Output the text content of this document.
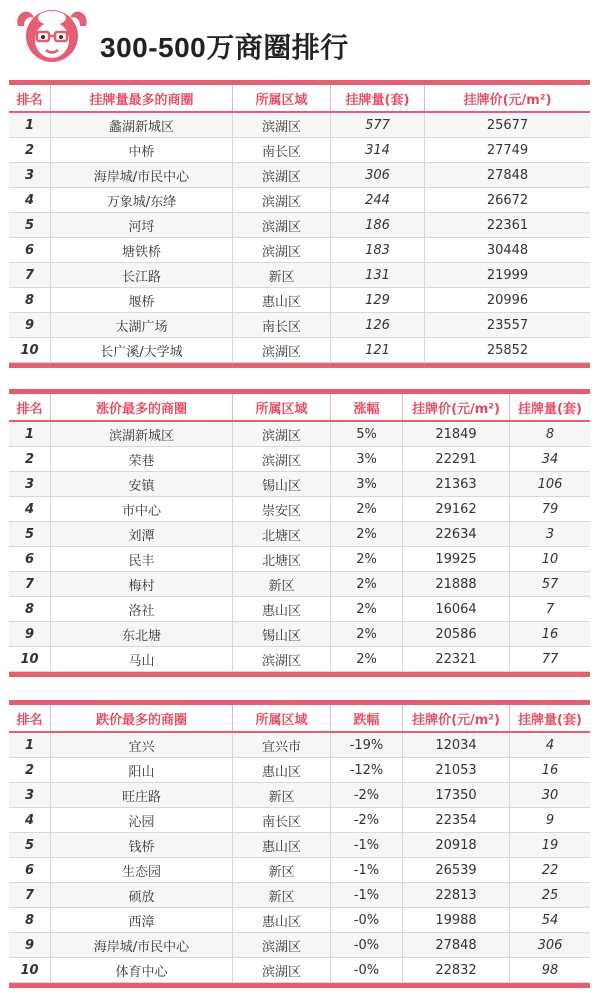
300-500万商圈排行
排名	挂牌量最多的商圈	所属区域	挂牌量(套)	挂牌价(元/m²)
1	蠡湖新城区	滨湖区	577	25677
2	中桥	南长区	314	27749
3	海岸城/市民中心	滨湖区	306	27848
4	万象城/东绛	滨湖区	244	26672
5	河埒	滨湖区	186	22361
6	塘铁桥	滨湖区	183	30448
7	长江路	新区	131	21999
8	堰桥	惠山区	129	20996
9	太湖广场	南长区	126	23557
10	长广溪/大学城	滨湖区	121	25852
排名	涨价最多的商圈	所属区域	涨幅	挂牌价(元/m²)	挂牌量(套)
1	滨湖新城区	滨湖区	5%	21849	8
2	荣巷	滨湖区	3%	22291	34
3	安镇	锡山区	3%	21363	106
4	市中心	崇安区	2%	29162	79
5	刘潭	北塘区	2%	22634	3
6	民丰	北塘区	2%	19925	10
7	梅村	新区	2%	21888	57
8	洛社	惠山区	2%	16064	7
9	东北塘	锡山区	2%	20586	16
10	马山	滨湖区	2%	22321	77
排名	跌价最多的商圈	所属区域	跌幅	挂牌价(元/m²)	挂牌量(套)
1	宜兴	宜兴市	-19%	12034	4
2	阳山	惠山区	-12%	21053	16
3	旺庄路	新区	-2%	17350	30
4	沁园	南长区	-2%	22354	9
5	钱桥	惠山区	-1%	20918	19
6	生态园	新区	-1%	26539	22
7	硕放	新区	-1%	22813	25
8	西漳	惠山区	-0%	19988	54
9	海岸城/市民中心	滨湖区	-0%	27848	306
10	体育中心	滨湖区	-0%	22832	98
